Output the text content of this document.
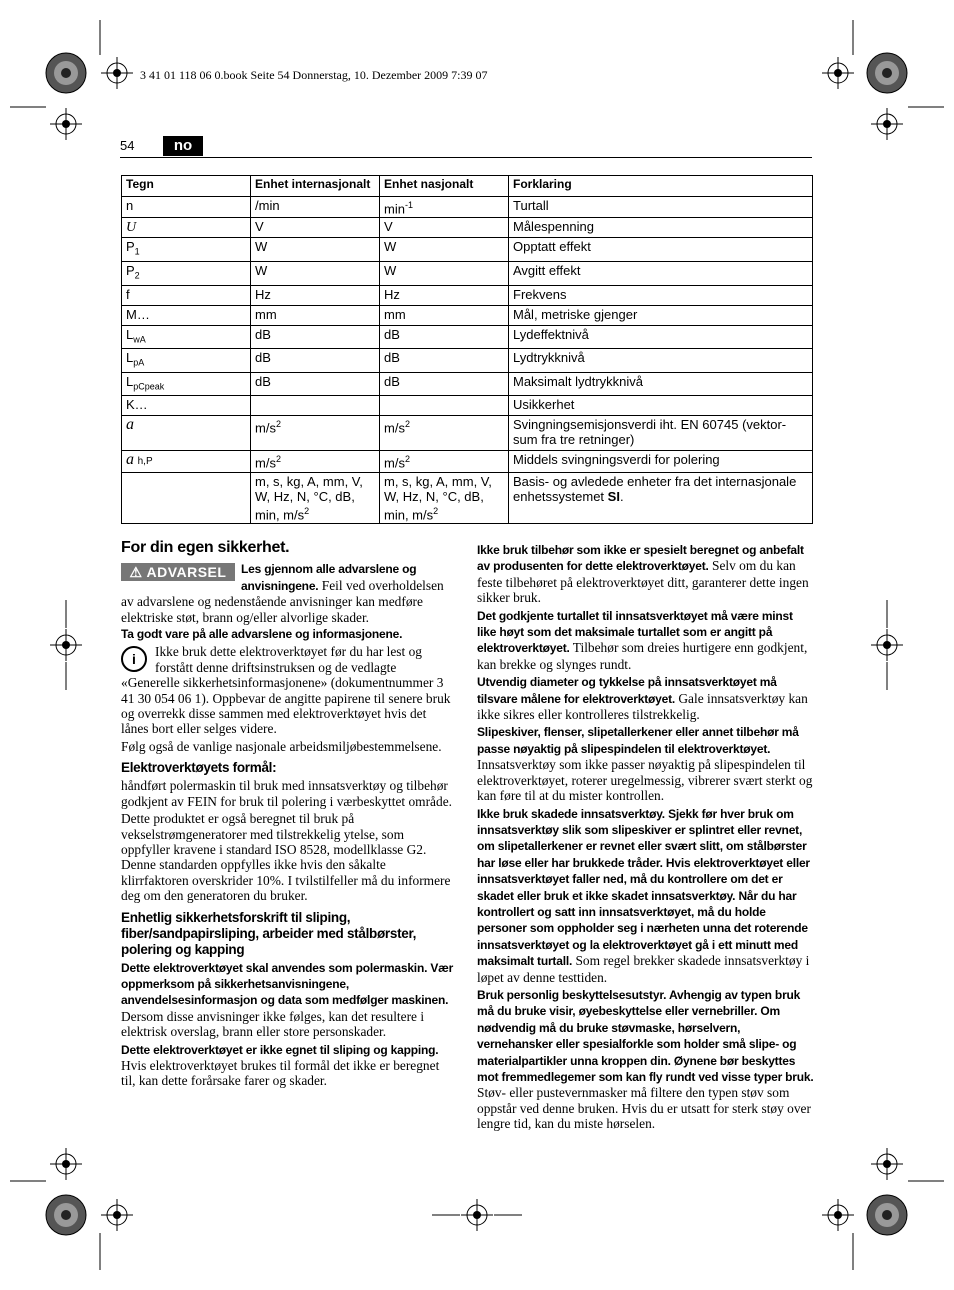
3 41 01 118 06 0.book Seite 54 Donnerstag, 10. Dezember 2009 7:39 07
54	no
Tegn	Enhet internasjonalt	Enhet nasjonalt	Forklaring
n	/min	$\min^{-1}$	Turtall
U	V	V	Målespenning
$P_1$	W	W	Opptatt effekt
$P_2$	W	W	Avgitt effekt
f	Hz	Hz	Frekvens
M…	mm	mm	Mål, metriske gjenger
$L_{wA}$	dB	dB	Lydeffektnivå
$L_{pA}$	dB	dB	Lydtrykknivå
$L_{pCpeak}$	dB	dB	Maksimalt lydtrykknivå
K…			Usikkerhet
a	$m/s^2$	$m/s^2$	Svingningsemisjonsverdi iht. EN 60745 (vektor-sum fra tre retninger)
a h,P	$m/s^2$	$m/s^2$	Middels svingningsverdi for polering
	m, s, kg, A, mm, V, W, Hz, N, °C, dB, min, $m/s^2$	m, s, kg, A, mm, V, W, Hz, N, °C, dB, min, $m/s^2$	Basis- og avledede enheter fra det internasjonale enhetssystemet SI.
For din egen sikkerhet.

⚠ ADVARSEL	Les gjennom alle advarslene og anvisningene. Feil ved overholdelsen av advarslene og nedenstående anvisninger kan medføre elektriske støt, brann og/eller alvorlige skader.

Ta godt vare på alle advarslene og informasjonene.

i	Ikke bruk dette elektroverktøyet før du har lest og forstått denne driftsinstruksen og de vedlagte «Generelle sikkerhetsinformasjonene» (dokumentnummer 3 41 30 054 06 1). Oppbevar de angitte papirene til senere bruk og overrekk disse sammen med elektroverktøyet hvis det lånes bort eller selges videre.

Følg også de vanlige nasjonale arbeidsmiljøbestemmelsene.

Elektroverktøyets formål:

håndført polermaskin til bruk med innsatsverktøy og tilbehør godkjent av FEIN for bruk til polering i værbeskyttet område.

Dette produktet er også beregnet til bruk på vekselstrømgeneratorer med tilstrekkelig ytelse, som oppfyller kravene i standard ISO 8528, modellklasse G2. Denne standarden oppfylles ikke hvis den såkalte klirrfaktoren overskrider 10%. I tvilstilfeller må du informere deg om den generatoren du bruker.

Enhetlig sikkerhetsforskrift til sliping, fiber/sandpapirsliping, arbeider med stålbørster, polering og kapping

Dette elektroverktøyet skal anvendes som polermaskin. Vær oppmerksom på sikkerhetsanvisningene, anvendelsesinformasjon og data som medfølger maskinen. Dersom disse anvisninger ikke følges, kan det resultere i elektrisk overslag, brann eller store personskader.

Dette elektroverktøyet er ikke egnet til sliping og kapping. Hvis elektroverktøyet brukes til formål det ikke er beregnet til, kan dette forårsake farer og skader.

Ikke bruk tilbehør som ikke er spesielt beregnet og anbefalt av produsenten for dette elektroverktøyet. Selv om du kan feste tilbehøret på elektroverktøyet ditt, garanterer dette ingen sikker bruk.

Det godkjente turtallet til innsatsverktøyet må være minst like høyt som det maksimale turtallet som er angitt på elektroverktøyet. Tilbehør som dreies hurtigere enn godkjent, kan brekke og slynges rundt.

Utvendig diameter og tykkelse på innsatsverktøyet må tilsvare målene for elektroverktøyet. Gale innsatsverktøy kan ikke sikres eller kontrolleres tilstrekkelig.

Slipeskiver, flenser, slipetallerkener eller annet tilbehør må passe nøyaktig på slipespindelen til elektroverktøyet. Innsatsverktøy som ikke passer nøyaktig på slipespindelen til elektroverktøyet, roterer uregelmessig, vibrerer svært sterkt og kan føre til at du mister kontrollen.

Ikke bruk skadede innsatsverktøy. Sjekk før hver bruk om innsatsverktøy slik som slipeskiver er splintret eller revnet, om slipetallerkener er revnet eller svært slitt, om stålbørster har løse eller har brukkede tråder. Hvis elektroverktøyet eller innsatsverktøyet faller ned, må du kontrollere om det er skadet eller bruk et ikke skadet innsatsverktøy. Når du har kontrollert og satt inn innsatsverktøyet, må du holde personer som oppholder seg i nærheten unna det roterende innsatsverktøyet og la elektroverktøyet gå i ett minutt med maksimalt turtall. Som regel brekker skadede innsatsverktøy i løpet av denne testtiden.

Bruk personlig beskyttelsesutstyr. Avhengig av typen bruk må du bruke visir, øyebeskyttelse eller vernebriller. Om nødvendig må du bruke støvmaske, hørselvern, vernehansker eller spesialforkle som holder små slipe- og materialpartikler unna kroppen din. Øynene bør beskyttes mot fremmedlegemer som kan fly rundt ved visse typer bruk. Støv- eller pustevernmasker må filtere den typen støv som oppstår ved denne bruken. Hvis du er utsatt for sterk støy over lengre tid, kan du miste hørselen.
